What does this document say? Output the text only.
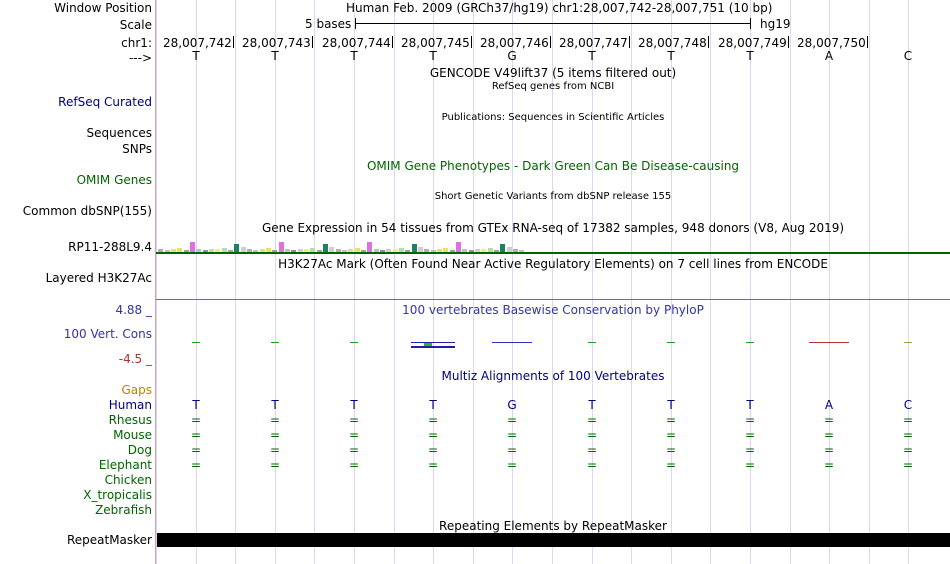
Window Position	Human Feb. 2009 (GRCh37/hg19) chr1:28,007,742-28,007,751 (10 bp)
Scale	5 bases	hg19
chr1: 28,007,742 28,007,743 28,007,744 28,007,745 28,007,746 28,007,747 28,007,748 28,007,749 28,007,750
--->	T	T	T	T	G	T	T	T	A	C
GENCODE V49lift37 (5 items filtered out)
RefSeq Curated
RefSeq genes from NCBI
Publications: Sequences in Scientific Articles
Sequences
SNPs
OMIM Gene Phenotypes - Dark Green Can Be Disease-causing
OMIM Genes
Short Genetic Variants from dbSNP release 155
Common dbSNP(155)
Gene Expression in 54 tissues from GTEx RNA-seq of 17382 samples, 948 donors (V8, Aug 2019)
RP11-288L9.4
H3K27Ac Mark (Often Found Near Active Regulatory Elements) on 7 cell lines from ENCODE
Layered H3K27Ac
4.88 _	100 vertebrates Basewise Conservation by PhyloP
100 Vert. Cons
-4.5 _
Gaps
Multiz Alignments of 100 Vertebrates
Human	T	T	T	T	G	T	T	T	A	C
Rhesus	=	=	=	=	=	=	=	=	=	=
Mouse	=	=	=	=	=	=	=	=	=	=
Dog	=	=	=	=	=	=	=	=	=	=
Elephant	=	=	=	=	=	=	=	=	=	=
Chicken
X_tropicalis
Zebrafish
Repeating Elements by RepeatMasker
RepeatMasker
